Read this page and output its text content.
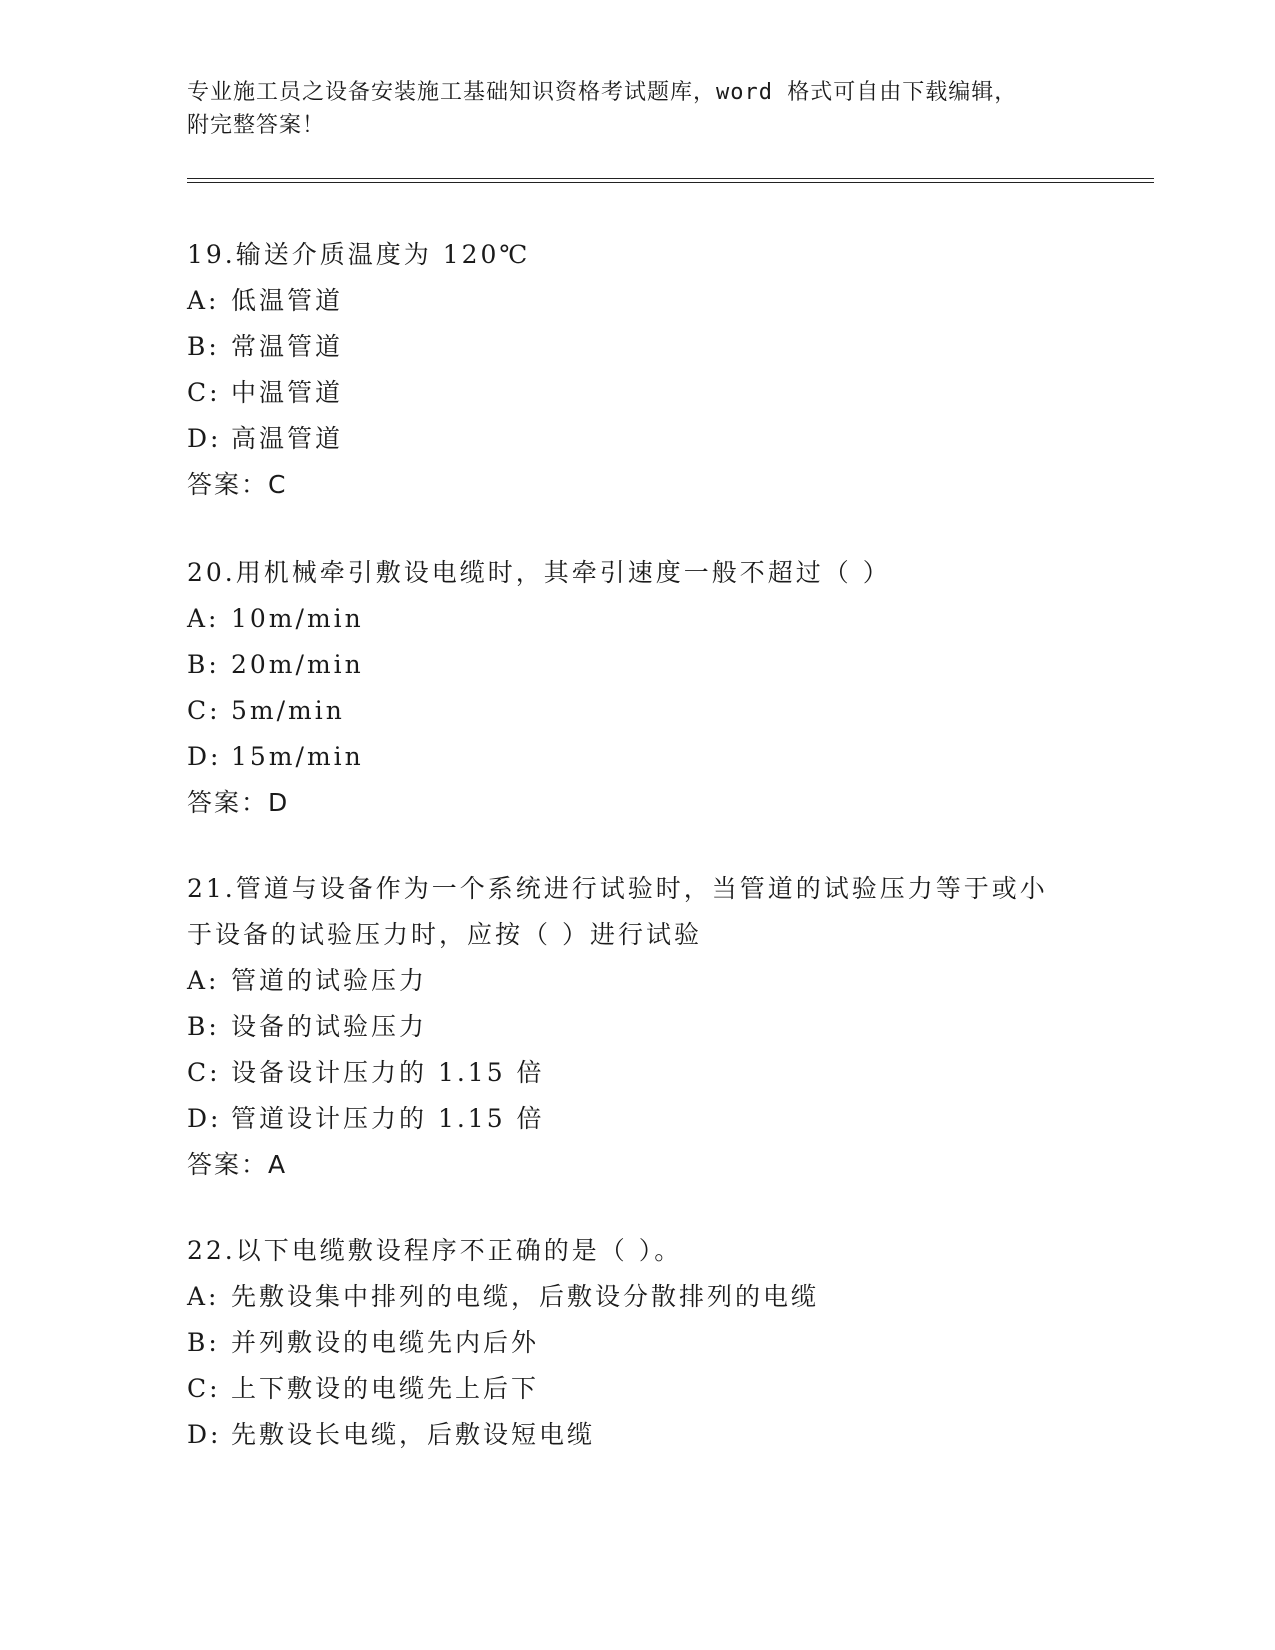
专业施工员之设备安装施工基础知识资格考试题库，word 格式可自由下载编辑，
附完整答案！
19.输送介质温度为 120℃
A: 低温管道
B: 常温管道
C: 中温管道
D: 高温管道
答案：C
20.用机械牵引敷设电缆时，其牵引速度一般不超过（ ）
A: 10m/min
B: 20m/min
C: 5m/min
D: 15m/min
答案：D
21.管道与设备作为一个系统进行试验时，当管道的试验压力等于或小
于设备的试验压力时，应按（ ）进行试验
A: 管道的试验压力
B: 设备的试验压力
C: 设备设计压力的 1.15 倍
D: 管道设计压力的 1.15 倍
答案：A
22.以下电缆敷设程序不正确的是（ ）。
A: 先敷设集中排列的电缆，后敷设分散排列的电缆
B: 并列敷设的电缆先内后外
C: 上下敷设的电缆先上后下
D: 先敷设长电缆，后敷设短电缆
